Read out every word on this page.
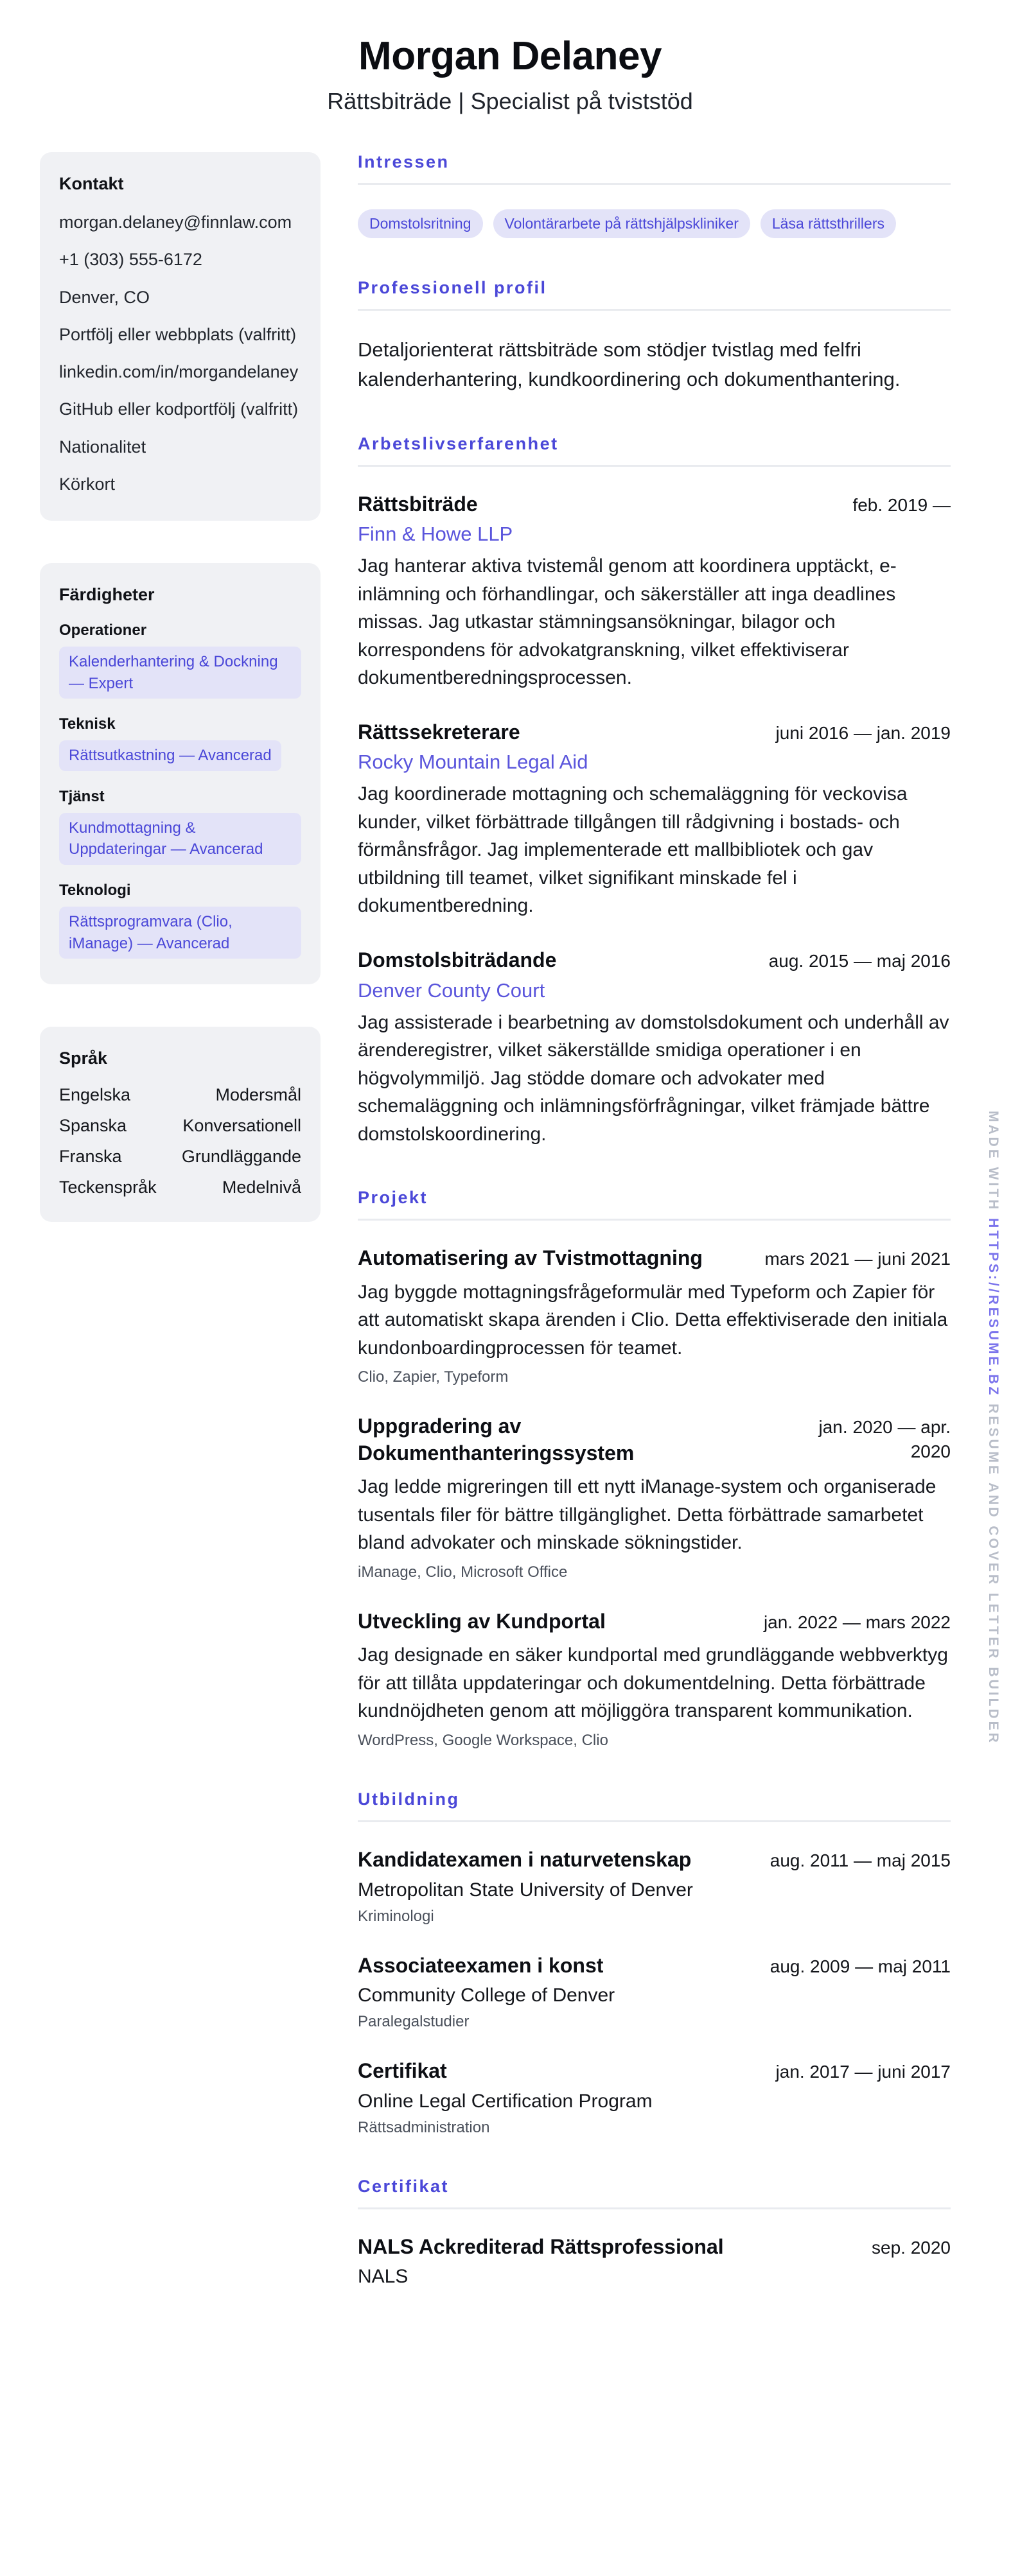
Morgan Delaney
Rättsbiträde | Specialist på tviststöd
Kontakt
morgan.delaney@finnlaw.com
+1 (303) 555-6172
Denver, CO
Portfölj eller webbplats (valfritt)
linkedin.com/in/morgandelaney
GitHub eller kodportfölj (valfritt)
Nationalitet
Körkort
Färdigheter
Operationer
Kalenderhantering & Dockning — Expert
Teknisk
Rättsutkastning — Avancerad
Tjänst
Kundmottagning & Uppdateringar — Avancerad
Teknologi
Rättsprogramvara (Clio, iManage) — Avancerad
Språk
Engelska	Modersmål
Spanska	Konversationell
Franska	Grundläggande
Teckenspråk	Medelnivå
Intressen
Domstolsritning	Volontärarbete på rättshjälpskliniker	Läsa rättsthrillers
Professionell profil

Detaljorienterat rättsbiträde som stödjer tvistlag med felfri kalenderhantering, kundkoordinering och dokumenthantering.

Arbetslivserfarenhet
Rättsbiträde	feb. 2019 —
Finn & Howe LLP

Jag hanterar aktiva tvistemål genom att koordinera upptäckt, e-inlämning och förhandlingar, och säkerställer att inga deadlines missas. Jag utkastar stämningsansökningar, bilagor och korrespondens för advokatgranskning, vilket effektiviserar dokumentberedningsprocessen.

Rättssekreterare	juni 2016 — jan. 2019
Rocky Mountain Legal Aid

Jag koordinerade mottagning och schemaläggning för veckovisa kunder, vilket förbättrade tillgången till rådgivning i bostads- och förmånsfrågor. Jag implementerade ett mallbibliotek och gav utbildning till teamet, vilket signifikant minskade fel i dokumentberedning.

Domstolsbiträdande	aug. 2015 — maj 2016
Denver County Court

Jag assisterade i bearbetning av domstolsdokument och underhåll av ärenderegistrer, vilket säkerställde smidiga operationer i en högvolymmiljö. Jag stödde domare och advokater med schemaläggning och inlämningsförfrågningar, vilket främjade bättre domstolskoordinering.

Projekt
Automatisering av Tvistmottagning	mars 2021 — juni 2021

Jag byggde mottagningsfrågeformulär med Typeform och Zapier för att automatiskt skapa ärenden i Clio. Detta effektiviserade den initiala kundonboardingprocessen för teamet.

Clio, Zapier, Typeform
Uppgradering av Dokumenthanteringssystem
jan. 2020 — apr. 2020

Jag ledde migreringen till ett nytt iManage-system och organiserade tusentals filer för bättre tillgänglighet. Detta förbättrade samarbetet bland advokater och minskade sökningstider.

iManage, Clio, Microsoft Office
Utveckling av Kundportal	jan. 2022 — mars 2022

Jag designade en säker kundportal med grundläggande webbverktyg för att tillåta uppdateringar och dokumentdelning. Detta förbättrade kundnöjdheten genom att möjliggöra transparent kommunikation.

WordPress, Google Workspace, Clio
Utbildning
Kandidatexamen i naturvetenskap	aug. 2011 — maj 2015
Metropolitan State University of Denver
Kriminologi
Associateexamen i konst	aug. 2009 — maj 2011
Community College of Denver
Paralegalstudier
Certifikat	jan. 2017 — juni 2017
Online Legal Certification Program
Rättsadministration
Certifikat
NALS Ackrediterad Rättsprofessional	sep. 2020
NALS
MADE WITH HTTPS://RESUME.BZ RESUME AND COVER LETTER BUILDER
